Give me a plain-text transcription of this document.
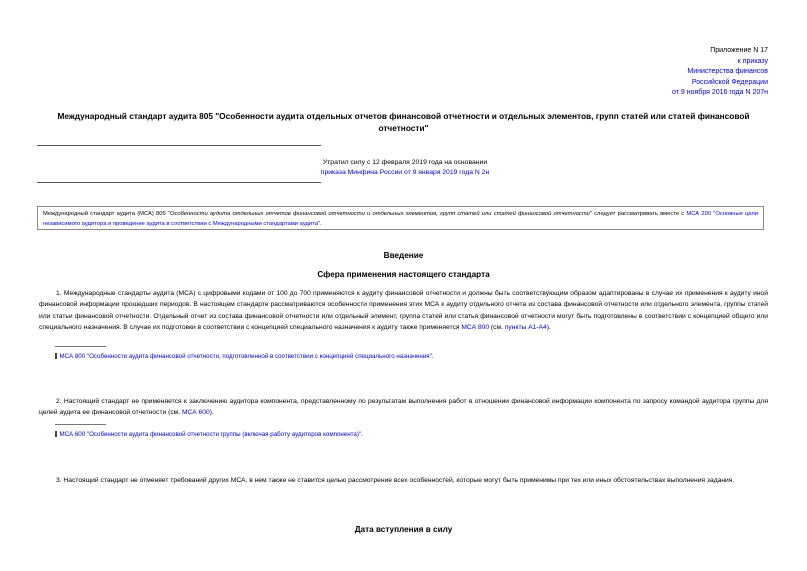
Приложение N 17
к приказу
Министерства финансов
Российской Федерации
от 9 ноября 2016 года N 207н
Международный стандарт аудита 805 "Особенности аудита отдельных отчетов финансовой отчетности и отдельных элементов, групп статей или статей финансовой отчетности"
Утратил силу с 12 февраля 2019 года на основании
приказа Минфина России от 9 января 2019 года N 2н
Международный стандарт аудита (МСА) 805 "Особенности аудита отдельных отчетов финансовой отчетности и отдельных элементов, групп статей или статей финансовой отчетности" следует рассматривать вместе с МСА 200 "Основные цели независимого аудитора и проведение аудита в соответствии с Международными стандартами аудита".
Введение
Сфера применения настоящего стандарта
1. Международные стандарты аудита (МСА) с цифровыми кодами от 100 до 700 применяются к аудиту финансовой отчетности и должны быть соответствующим образом адаптированы в случае их применения к аудиту иной финансовой информации прошедших периодов. В настоящем стандарте рассматриваются особенности применения этих МСА к аудиту отдельного отчета из состава финансовой отчетности или отдельного элемента, группы статей или статьи финансовой отчетности. Отдельный отчет из состава финансовой отчетности или отдельный элемент, группа статей или статья финансовой отчетности могут быть подготовлены в соответствии с концепцией общего или специального назначения. В случае их подготовки в соответствии с концепцией специального назначения к аудиту также применяется МСА 800 (см. пункты A1-A4).
МСА 800 "Особенности аудита финансовой отчетности, подготовленной в соответствии с концепцией специального назначения".
2. Настоящий стандарт не применяется к заключению аудитора компонента, представленному по результатам выполнения работ в отношении финансовой информации компонента по запросу командой аудитора группы для целей аудита ее финансовой отчетности (см. МСА 600).
МСА 600 "Особенности аудита финансовой отчетности группы (включая работу аудиторов компонента)".
3. Настоящий стандарт не отменяет требований других МСА, в нем также не ставится целью рассмотрение всех особенностей, которые могут быть применимы при тех или иных обстоятельствах выполнения задания.
Дата вступления в силу
